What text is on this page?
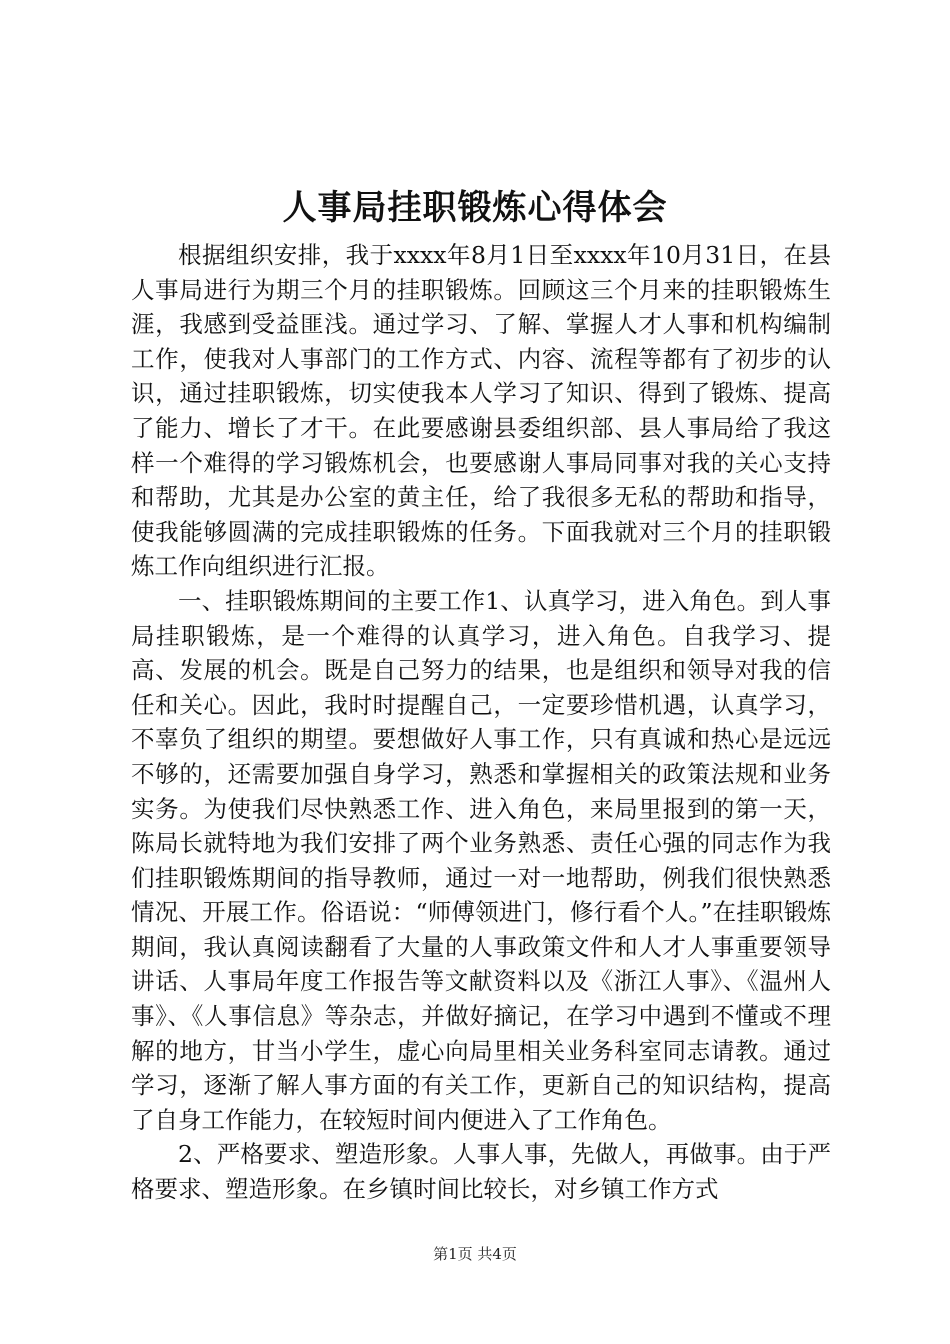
人事局挂职锻炼心得体会

根据组织安排，我于xxxx年8月1日至xxxx年10月31日，在县人事局进行为期三个月的挂职锻炼。回顾这三个月来的挂职锻炼生涯，我感到受益匪浅。通过学习、了解、掌握人才人事和机构编制工作，使我对人事部门的工作方式、内容、流程等都有了初步的认识，通过挂职锻炼，切实使我本人学习了知识、得到了锻炼、提高了能力、增长了才干。在此要感谢县委组织部、县人事局给了我这样一个难得的学习锻炼机会，也要感谢人事局同事对我的关心支持和帮助，尤其是办公室的黄主任，给了我很多无私的帮助和指导，使我能够圆满的完成挂职锻炼的任务。下面我就对三个月的挂职锻炼工作向组织进行汇报。

一、挂职锻炼期间的主要工作1、认真学习，进入角色。到人事局挂职锻炼，是一个难得的认真学习，进入角色。自我学习、提高、发展的机会。既是自己努力的结果，也是组织和领导对我的信任和关心。因此，我时时提醒自己，一定要珍惜机遇，认真学习，不辜负了组织的期望。要想做好人事工作，只有真诚和热心是远远不够的，还需要加强自身学习，熟悉和掌握相关的政策法规和业务实务。为使我们尽快熟悉工作、进入角色，来局里报到的第一天，陈局长就特地为我们安排了两个业务熟悉、责任心强的同志作为我们挂职锻炼期间的指导教师，通过一对一地帮助，例我们很快熟悉情况、开展工作。俗语说：“师傅领进门，修行看个人。”在挂职锻炼期间，我认真阅读翻看了大量的人事政策文件和人才人事重要领导讲话、人事局年度工作报告等文献资料以及《浙江人事》、《温州人事》、《人事信息》等杂志，并做好摘记，在学习中遇到不懂或不理解的地方，甘当小学生，虚心向局里相关业务科室同志请教。通过学习，逐渐了解人事方面的有关工作，更新自己的知识结构，提高了自身工作能力，在较短时间内便进入了工作角色。

2、严格要求、塑造形象。人事人事，先做人，再做事。由于严格要求、塑造形象。在乡镇时间比较长，对乡镇工作方式

第1页 共4页
